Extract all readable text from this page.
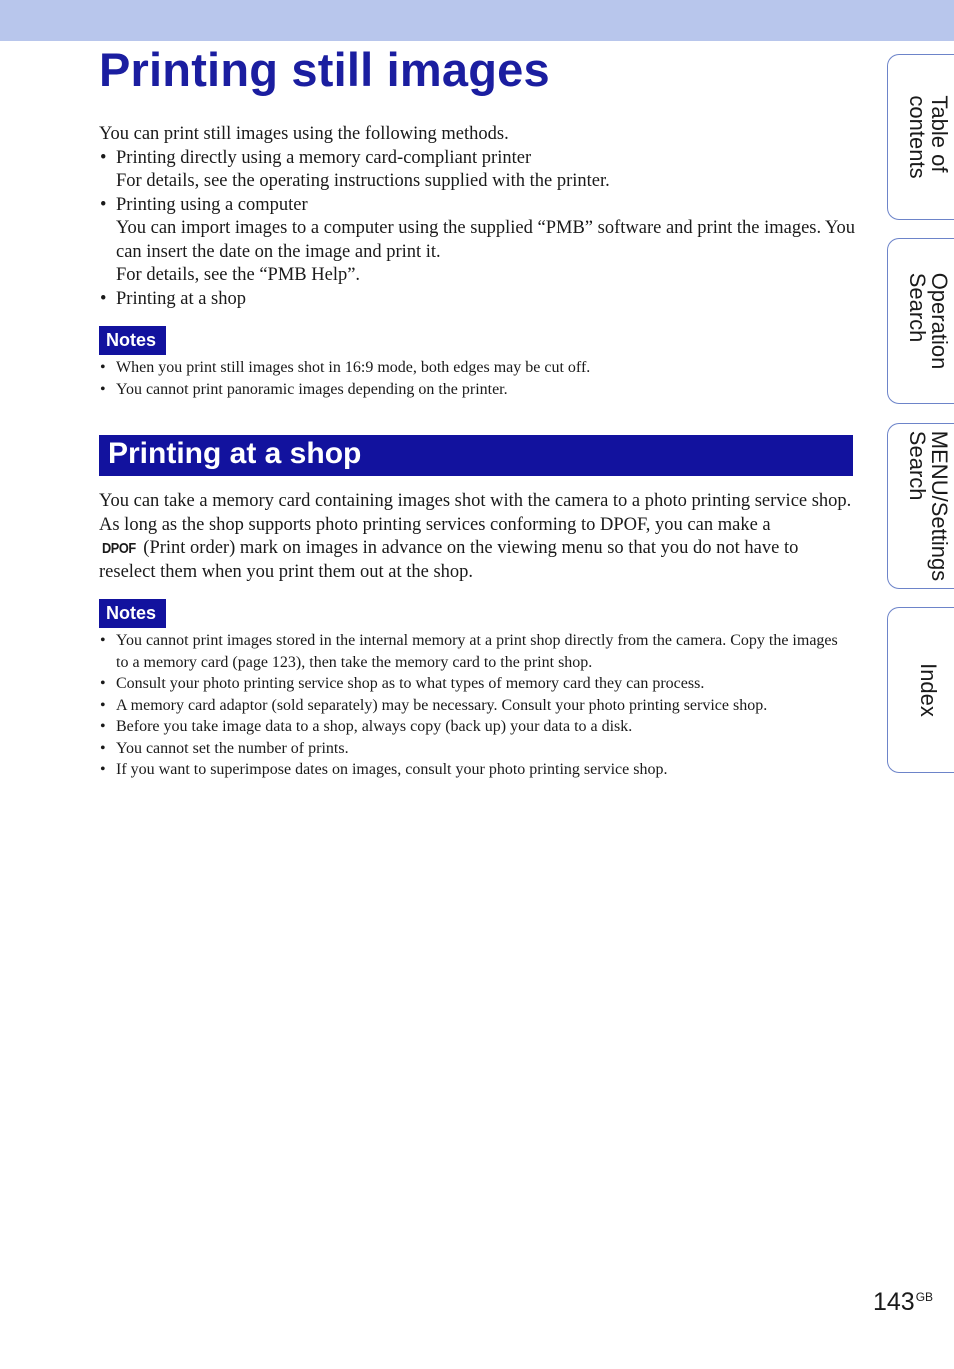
Printing still images

You can print still images using the following methods.

• Printing directly using a memory card-compliant printer

For details, see the operating instructions supplied with the printer.

• Printing using a computer

You can import images to a computer using the supplied “PMB” software and print the images. You can insert the date on the image and print it.

For details, see the “PMB Help”.

• Printing at a shop

Notes
• When you print still images shot in 16:9 mode, both edges may be cut off.
• You cannot print panoramic images depending on the printer.
Printing at a shop

You can take a memory card containing images shot with the camera to a photo printing service shop. As long as the shop supports photo printing services conforming to DPOF, you can make a
DPOF (Print order) mark on images in advance on the viewing menu so that you do not have to reselect them when you print them out at the shop.

Notes
• You cannot print images stored in the internal memory at a print shop directly from the camera. Copy the images to a memory card (page 123), then take the memory card to the print shop.
• Consult your photo printing service shop as to what types of memory card they can process.
• A memory card adaptor (sold separately) may be necessary. Consult your photo printing service shop.
• Before you take image data to a shop, always copy (back up) your data to a disk.
• You cannot set the number of prints.
• If you want to superimpose dates on images, consult your photo printing service shop.
Table of
contents
Operation
Search
MENU/Settings
Search
Index
$143^{GB}$
